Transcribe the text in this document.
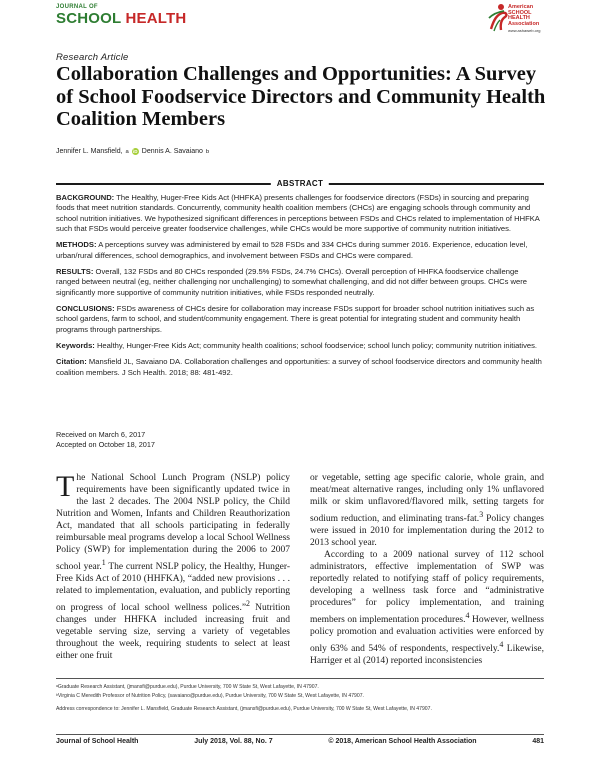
JOURNAL OF
SCHOOL HEALTH
American
SCHOOL
HEALTH
Association
www.ashaweb.org
Research Article
Collaboration Challenges and Opportunities: A Survey of School Foodservice Directors and Community Health Coalition Members
Jennifer L. Mansfield, a iD Dennis A. Savaiano b
ABSTRACT

BACKGROUND: The Healthy, Huger-Free Kids Act (HHFKA) presents challenges for foodservice directors (FSDs) in sourcing and preparing foods that meet nutrition standards. Concurrently, community health coalition members (CHCs) are engaging schools through community and school nutrition initiatives. We hypothesized significant differences in perceptions between FSDs and CHCs related to implementation of HHFKA such that FSDs would perceive greater foodservice challenges, while CHCs would be more supportive of community nutrition initiatives.

METHODS: A perceptions survey was administered by email to 528 FSDs and 334 CHCs during summer 2016. Experience, education level, urban/rural differences, school demographics, and involvement between FSDs and CHCs were compared.

RESULTS: Overall, 132 FSDs and 80 CHCs responded (29.5% FSDs, 24.7% CHCs). Overall perception of HHFKA foodservice challenge ranged between neutral (eg, neither challenging nor unchallenging) to somewhat challenging, and did not differ between groups. CHCs were significantly more supportive of community nutrition initiatives, while FSDs responded neutrally.

CONCLUSIONS: FSDs awareness of CHCs desire for collaboration may increase FSDs support for broader school nutrition initiatives such as school gardens, farm to school, and student/community engagement. There is great potential for integrating student and community health programs through partnerships.

Keywords: Healthy, Hunger-Free Kids Act; community health coalitions; school foodservice; school lunch policy; community nutrition initiatives.

Citation: Mansfield JL, Savaiano DA. Collaboration challenges and opportunities: a survey of school foodservice directors and community health coalition members. J Sch Health. 2018; 88: 481-492.

Received on March 6, 2017
Accepted on October 18, 2017

The National School Lunch Program (NSLP) policy requirements have been significantly updated twice in the last 2 decades. The 2004 NSLP policy, the Child Nutrition and Women, Infants and Children Reauthorization Act, mandated that all schools participating in federally reimbursable meal programs develop a local School Wellness Policy (SWP) for implementation during the 2006 to 2007 school year.$^1$ The current NSLP policy, the Healthy, Hunger-Free Kids Act of 2010 (HHFKA), “added new provisions . . . related to implementation, evaluation, and publicly reporting on progress of local school wellness polices.”$^2$ Nutrition changes under HHFKA included increasing fruit and vegetable serving size, serving a variety of vegetables throughout the week, requiring students to select at least either one fruit

or vegetable, setting age specific calorie, whole grain, and meat/meat alternative ranges, including only 1% unflavored milk or skim unflavored/flavored milk, setting targets for sodium reduction, and eliminating trans-fat.$^3$ Policy changes were issued in 2010 for implementation during the 2012 to 2013 school year.

According to a 2009 national survey of 112 school administrators, effective implementation of SWP was reportedly related to notifying staff of policy requirements, developing a wellness task force and “administrative procedures” for policy implementation, and training members on implementation procedures.$^4$ However, wellness policy promotion and evaluation activities were enforced by only 63% and 54% of respondents, respectively.$^4$ Likewise, Harriger et al (2014) reported inconsistencies

ᵃGraduate Research Assistant, (jmansfi@purdue.edu), Purdue University, 700 W State St, West Lafayette, IN 47907.
ᵇVirginia C Meredith Professor of Nutrition Policy, (savaiano@purdue.edu), Purdue University, 700 W State St, West Lafayette, IN 47907.
Address correspondence to: Jennifer L. Mansfield, Graduate Research Assistant, (jmansfi@purdue.edu), Purdue University, 700 W State St, West Lafayette, IN 47907.
Journal of School Health	July 2018, Vol. 88, No. 7	© 2018, American School Health Association	481
